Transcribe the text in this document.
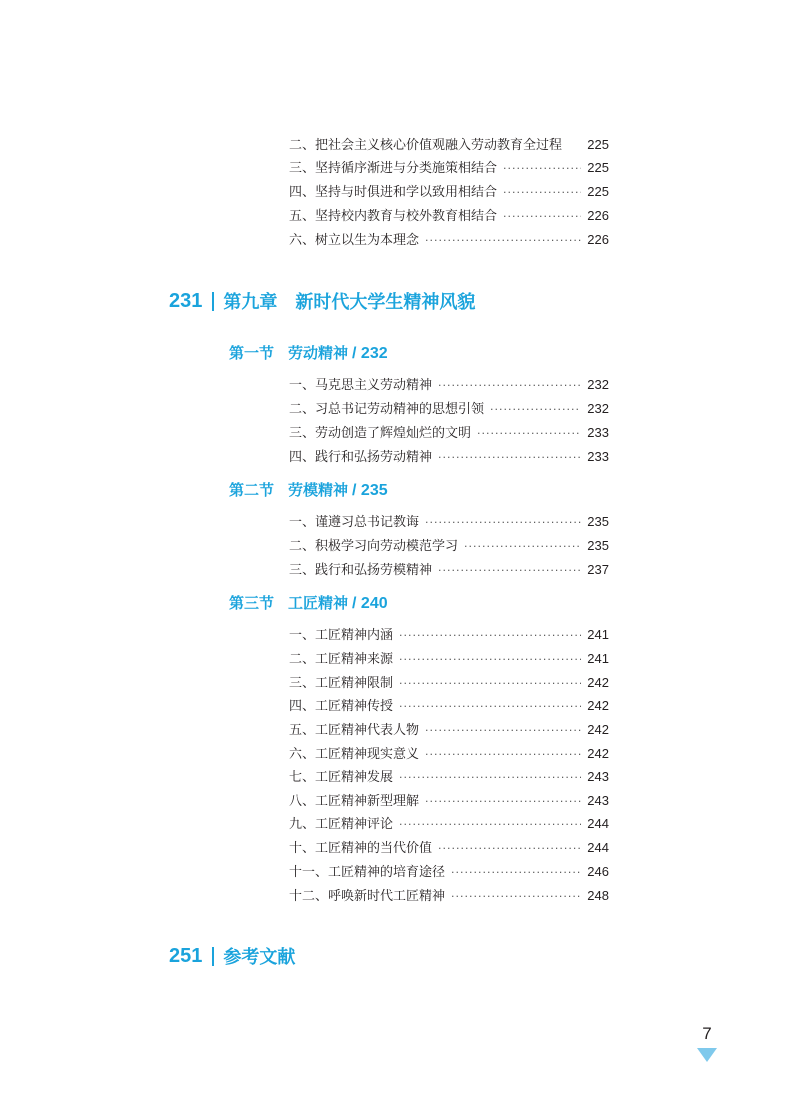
二、把社会主义核心价值观融入劳动教育全过程 225
三、坚持循序渐进与分类施策相结合 ·····	225
四、坚持与时俱进和学以致用相结合 ·····	225
五、坚持校内教育与校外教育相结合 ·····	226
六、树立以生为本理念 ·····	226
231 第九章 新时代大学生精神风貌
第一节 劳动精神 / 232
一、马克思主义劳动精神 ·····	232
二、习总书记劳动精神的思想引领 ·····	232
三、劳动创造了辉煌灿烂的文明 ·····	233
四、践行和弘扬劳动精神 ·····	233
第二节 劳模精神 / 235
一、谨遵习总书记教诲 ·····	235
二、积极学习向劳动模范学习 ·····	235
三、践行和弘扬劳模精神 ·····	237
第三节 工匠精神 / 240
一、工匠精神内涵 ·····	241
二、工匠精神来源 ·····	241
三、工匠精神限制 ·····	242
四、工匠精神传授 ·····	242
五、工匠精神代表人物 ·····	242
六、工匠精神现实意义 ·····	242
七、工匠精神发展 ·····	243
八、工匠精神新型理解 ·····	243
九、工匠精神评论 ·····	244
十、工匠精神的当代价值 ·····	244
十一、工匠精神的培育途径 ·····	246
十二、呼唤新时代工匠精神 ·····	248
251 参考文献
7
